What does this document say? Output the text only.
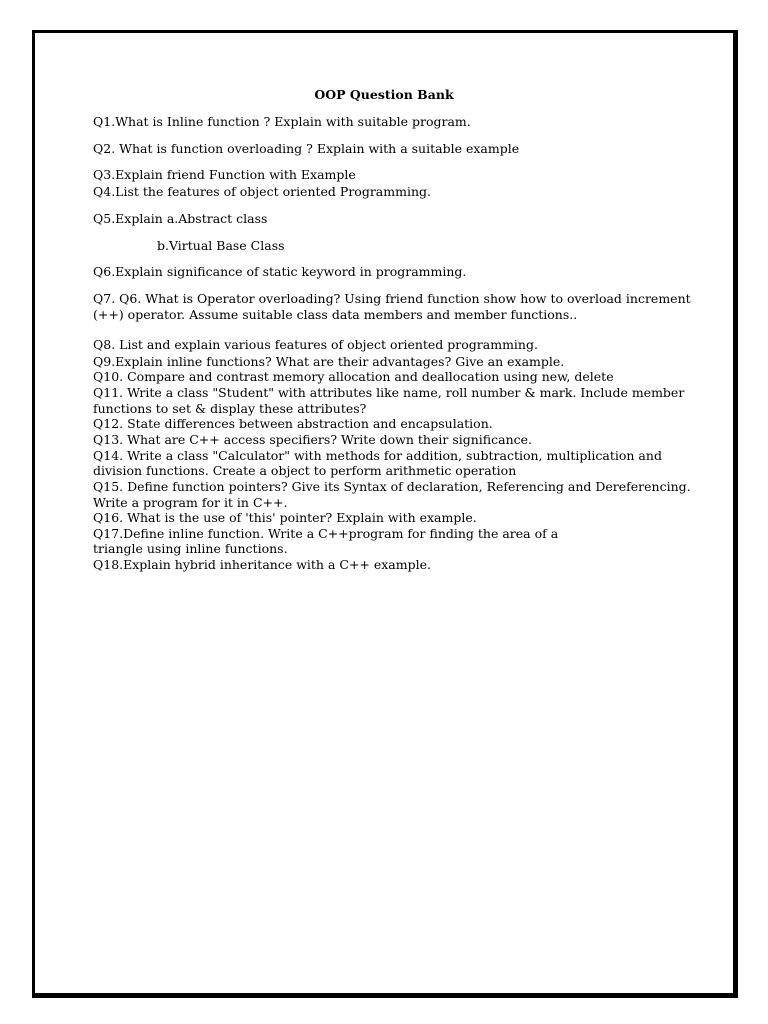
OOP Question Bank
Q1.What is Inline function ? Explain with suitable program.
Q2. What is function overloading ? Explain with a suitable example
Q3.Explain friend Function with Example
Q4.List the features of object oriented Programming.
Q5.Explain a.Abstract class
b.Virtual Base Class
Q6.Explain significance of static keyword in programming.
Q7. Q6. What is Operator overloading? Using friend function show how to overload increment
(++) operator. Assume suitable class data members and member functions..
Q8. List and explain various features of object oriented programming.
Q9.Explain inline functions? What are their advantages? Give an example.
Q10. Compare and contrast memory allocation and deallocation using new, delete
Q11. Write a class "Student" with attributes like name, roll number & mark. Include member
functions to set & display these attributes?
Q12. State differences between abstraction and encapsulation.
Q13. What are C++ access specifiers? Write down their significance.
Q14. Write a class "Calculator" with methods for addition, subtraction, multiplication and
division functions. Create a object to perform arithmetic operation
Q15. Define function pointers? Give its Syntax of declaration, Referencing and Dereferencing.
Write a program for it in C++.
Q16. What is the use of 'this' pointer? Explain with example.
Q17.Define inline function. Write a C++program for finding the area of a
triangle using inline functions.
Q18.Explain hybrid inheritance with a C++ example.
